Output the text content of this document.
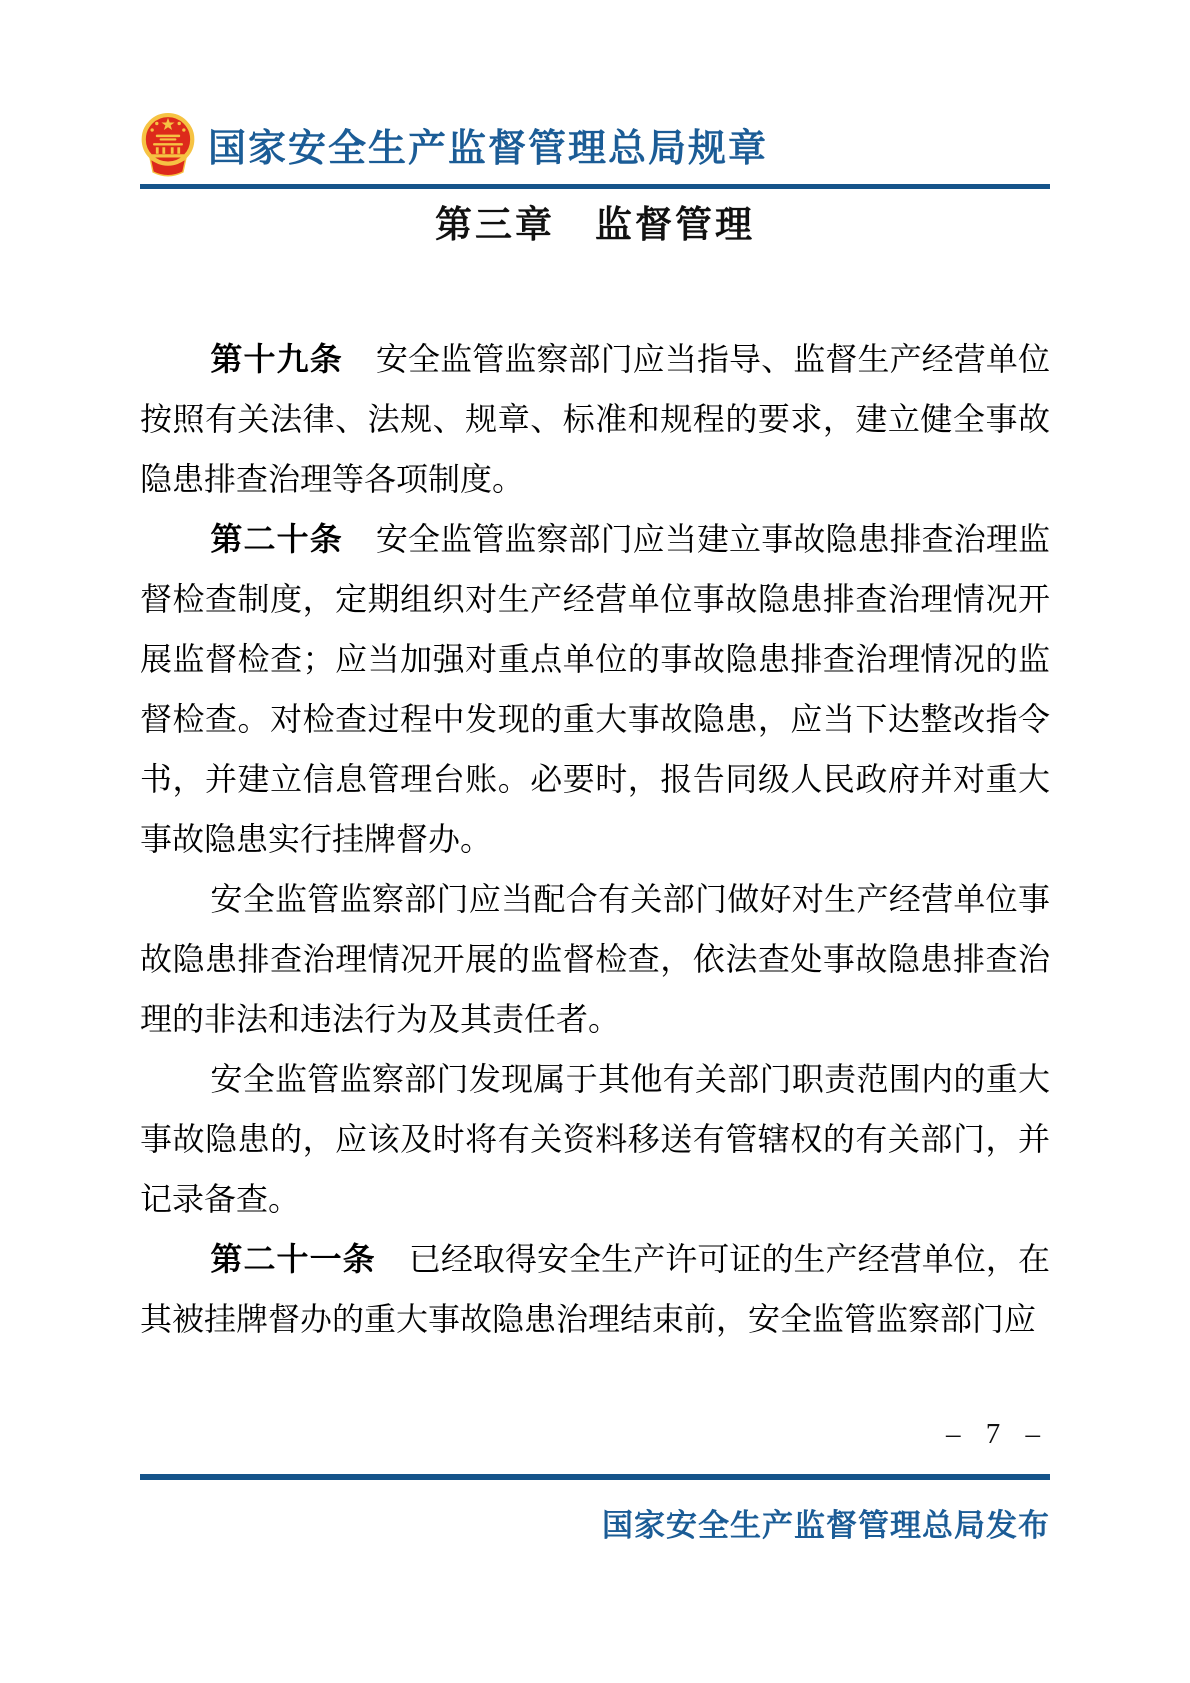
国家安全生产监督管理总局规章
第三章　监督管理

第十九条 安全监管监察部门应当指导、监督生产经营单位按照有关法律、法规、规章、标准和规程的要求，建立健全事故隐患排查治理等各项制度。

第二十条 安全监管监察部门应当建立事故隐患排查治理监督检查制度，定期组织对生产经营单位事故隐患排查治理情况开展监督检查；应当加强对重点单位的事故隐患排查治理情况的监督检查。对检查过程中发现的重大事故隐患，应当下达整改指令书，并建立信息管理台账。必要时，报告同级人民政府并对重大事故隐患实行挂牌督办。

安全监管监察部门应当配合有关部门做好对生产经营单位事故隐患排查治理情况开展的监督检查，依法查处事故隐患排查治理的非法和违法行为及其责任者。

安全监管监察部门发现属于其他有关部门职责范围内的重大事故隐患的，应该及时将有关资料移送有管辖权的有关部门，并记录备查。

第二十一条 已经取得安全生产许可证的生产经营单位，在其被挂牌督办的重大事故隐患治理结束前，安全监管监察部门应

– 7 –
国家安全生产监督管理总局发布
